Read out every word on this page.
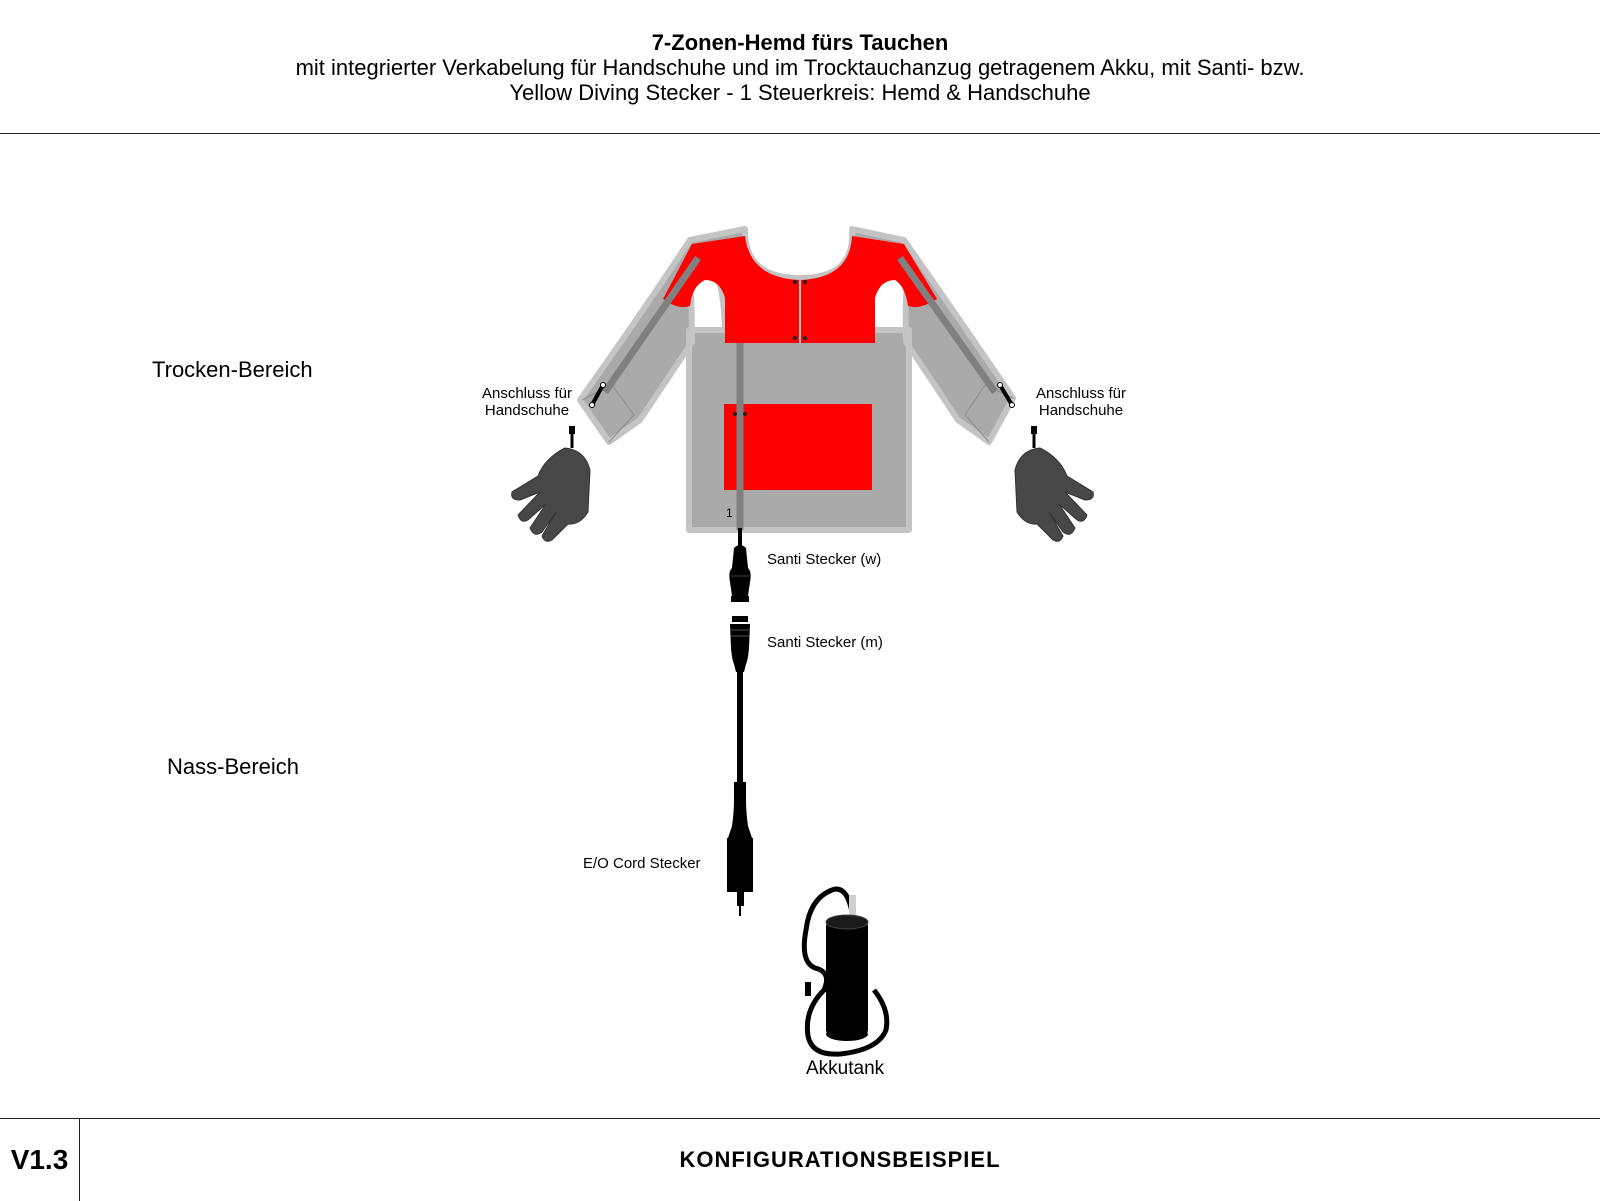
7-Zonen-Hemd fürs Tauchen
mit integrierter Verkabelung für Handschuhe und im Trocktauchanzug getragenem Akku, mit Santi- bzw.
Yellow Diving Stecker - 1 Steuerkreis: Hemd & Handschuhe
Trocken-Bereich
Nass-Bereich
Anschluss für
Handschuhe
Anschluss für
Handschuhe
1
Santi Stecker (w)
Santi Stecker (m)
E/O Cord Stecker
Akkutank
V1.3	KONFIGURATIONSBEISPIEL
